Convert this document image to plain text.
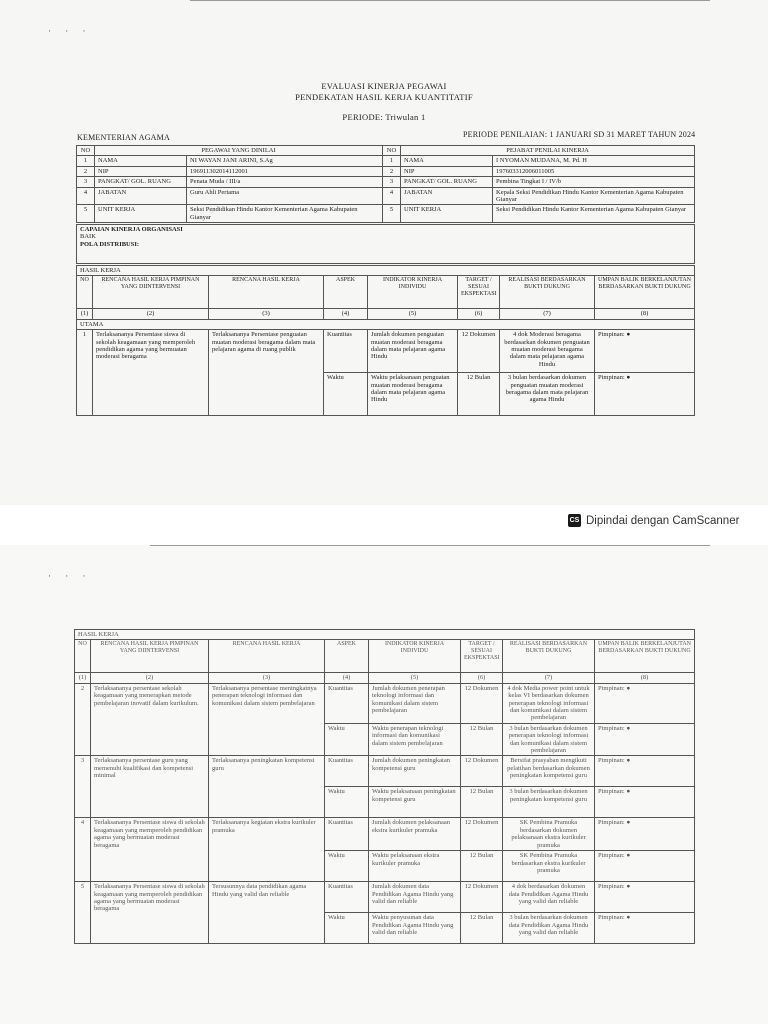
· · ·
EVALUASI KINERJA PEGAWAI
PENDEKATAN HASIL KERJA KUANTITATIF
PERIODE: Triwulan 1
KEMENTERIAN AGAMA	PERIODE PENILAIAN: 1 JANUARI SD 31 MARET TAHUN 2024
NO	PEGAWAI YANG DINILAI		NO	PEJABAT PENILAI KINERJA	
1	NAMA	NI WAYAN JANI ARINI, S.Ag	1	NAMA	I NYOMAN MUDANA, M. Pd. H
2	NIP	196911302014112001	2	NIP	197603312006011005
3	PANGKAT/ GOL. RUANG	Penata Muda / III/a	3	PANGKAT/ GOL. RUANG	Pembina Tingkat I / IV/b
4	JABATAN	Guru Ahli Pertama	4	JABATAN	Kepala Seksi Pendidikan Hindu Kantor Kementerian Agama Kabupaten Gianyar
5	UNIT KERJA	Seksi Pendidikan Hindu Kantor Kementerian Agama Kabupaten Gianyar	5	UNIT KERJA	Seksi Pendidikan Hindu Kantor Kementerian Agama Kabupaten Gianyar
CAPAIAN KINERJA ORGANISASI
BAIK
POLA DISTRIBUSI:
HASIL KERJA							
NO	RENCANA HASIL KERJA PIMPINAN YANG DIINTERVENSI	RENCANA HASIL KERJA	ASPEK	INDIKATOR KINERJA INDIVIDU	TARGET / SESUAI EKSPEKTASI	REALISASI BERDASARKAN BUKTI DUKUNG	UMPAN BALIK BERKELANJUTAN BERDASARKAN BUKTI DUKUNG
(1)	(2)	(3)	(4)	(5)	(6)	(7)	(8)
UTAMA							
1	Terlaksananya Persentase siswa di sekolah keagamaan yang memperoleh pendidikan agama yang bermuatan moderasi beragama	Terlaksananya Persentase penguatan muatan moderasi beragama dalam mata pelajaran agama di ruang publik	Kuantitas	Jumlah dokumen penguatan muatan moderasi beragama dalam mata pelajaran agama Hindu	12 Dokumen	4 dok Moderasi beragama berdasarkan dokumen penguatan muatan moderasi beragama dalam mata pelajaran agama Hindu	Pimpinan: ●
			Waktu	Waktu pelaksanaan penguatan muatan moderasi beragama dalam mata pelajaran agama Hindu	12 Bulan	3 bulan berdasarkan dokumen penguatan muatan moderasi beragama dalam mata pelajaran agama Hindu	Pimpinan: ●
CS Dipindai dengan CamScanner
· · ·
HASIL KERJA							
NO	RENCANA HASIL KERJA PIMPINAN YANG DIINTERVENSI	RENCANA HASIL KERJA	ASPEK	INDIKATOR KINERJA INDIVIDU	TARGET / SESUAI EKSPEKTASI	REALISASI BERDASARKAN BUKTI DUKUNG	UMPAN BALIK BERKELANJUTAN BERDASARKAN BUKTI DUKUNG
(1)	(2)	(3)	(4)	(5)	(6)	(7)	(8)
2	Terlaksananya persentase sekolah keagamaan yang menerapkan metode pembelajaran inovatif dalam kurikulum.	Terlaksananya persentase meningkatnya penerapan teknologi informasi dan komunikasi dalam sistem pembelajaran	Kuantitas	Jumlah dokumen penerapan teknologi informasi dan komunikasi dalam sistem pembelajaran	12 Dokumen	4 dok Media power point untuk kelas VI berdasarkan dokumen penerapan teknologi informasi dan komunikasi dalam sistem pembelajaran	Pimpinan: ●
			Waktu	Waktu penerapan teknologi informasi dan komunikasi dalam sistem pembelajaran	12 Bulan	3 bulan berdasarkan dokumen penerapan teknologi informasi dan komunikasi dalam sistem pembelajaran	Pimpinan: ●
3	Terlaksananya persentase guru yang memenuhi kualifikasi dan kompetensi minimal	Terlaksananya peningkatan kompetensi guru	Kuantitas	Jumlah dokumen peningkatan kompetensi guru	12 Dokumen	Bersifat prasyaban mengikuti pelatihan berdasarkan dokumen peningkatan kompetensi guru	Pimpinan: ●
			Waktu	Waktu pelaksanaan peningkatan kompetensi guru	12 Bulan	3 bulan berdasarkan dokumen peningkatan kompetensi guru	Pimpinan: ●
4	Terlaksananya Persentase siswa di sekolah keagamaan yang memperoleh pendidikan agama yang bermuatan moderasi beragama	Terlaksananya kegiatan ekstra kurikuler pramuka	Kuantitas	Jumlah dokumen pelaksanaan ekstra kurikuler pramuka	12 Dokumen	SK Pembina Pramuka berdasarkan dokumen pelaksanaan ekstra kurikuler pramuka	Pimpinan: ●
			Waktu	Waktu pelaksanaan ekstra kurikuler pramuka	12 Bulan	SK Pembina Pramuka berdasarkan ekstra kurikuler pramuka	Pimpinan: ●
5	Terlaksananya Persentase siswa di sekolah keagamaan yang memperoleh pendidikan agama yang bermuatan moderasi beragama	Tersusunnya data pendidikan agama Hindu yang valid dan reliable	Kuantitas	Jumlah dokumen data Pendidikan Agama Hindu yang valid dan reliable	12 Dokumen	4 dok berdasarkan dokumen data Pendidikan Agama Hindu yang valid dan reliable	Pimpinan: ●
			Waktu	Waktu penyusunan data Pendidikan Agama Hindu yang valid dan reliable	12 Bulan	3 bulan berdasarkan dokumen data Pendidikan Agama Hindu yang valid dan reliable	Pimpinan: ●
